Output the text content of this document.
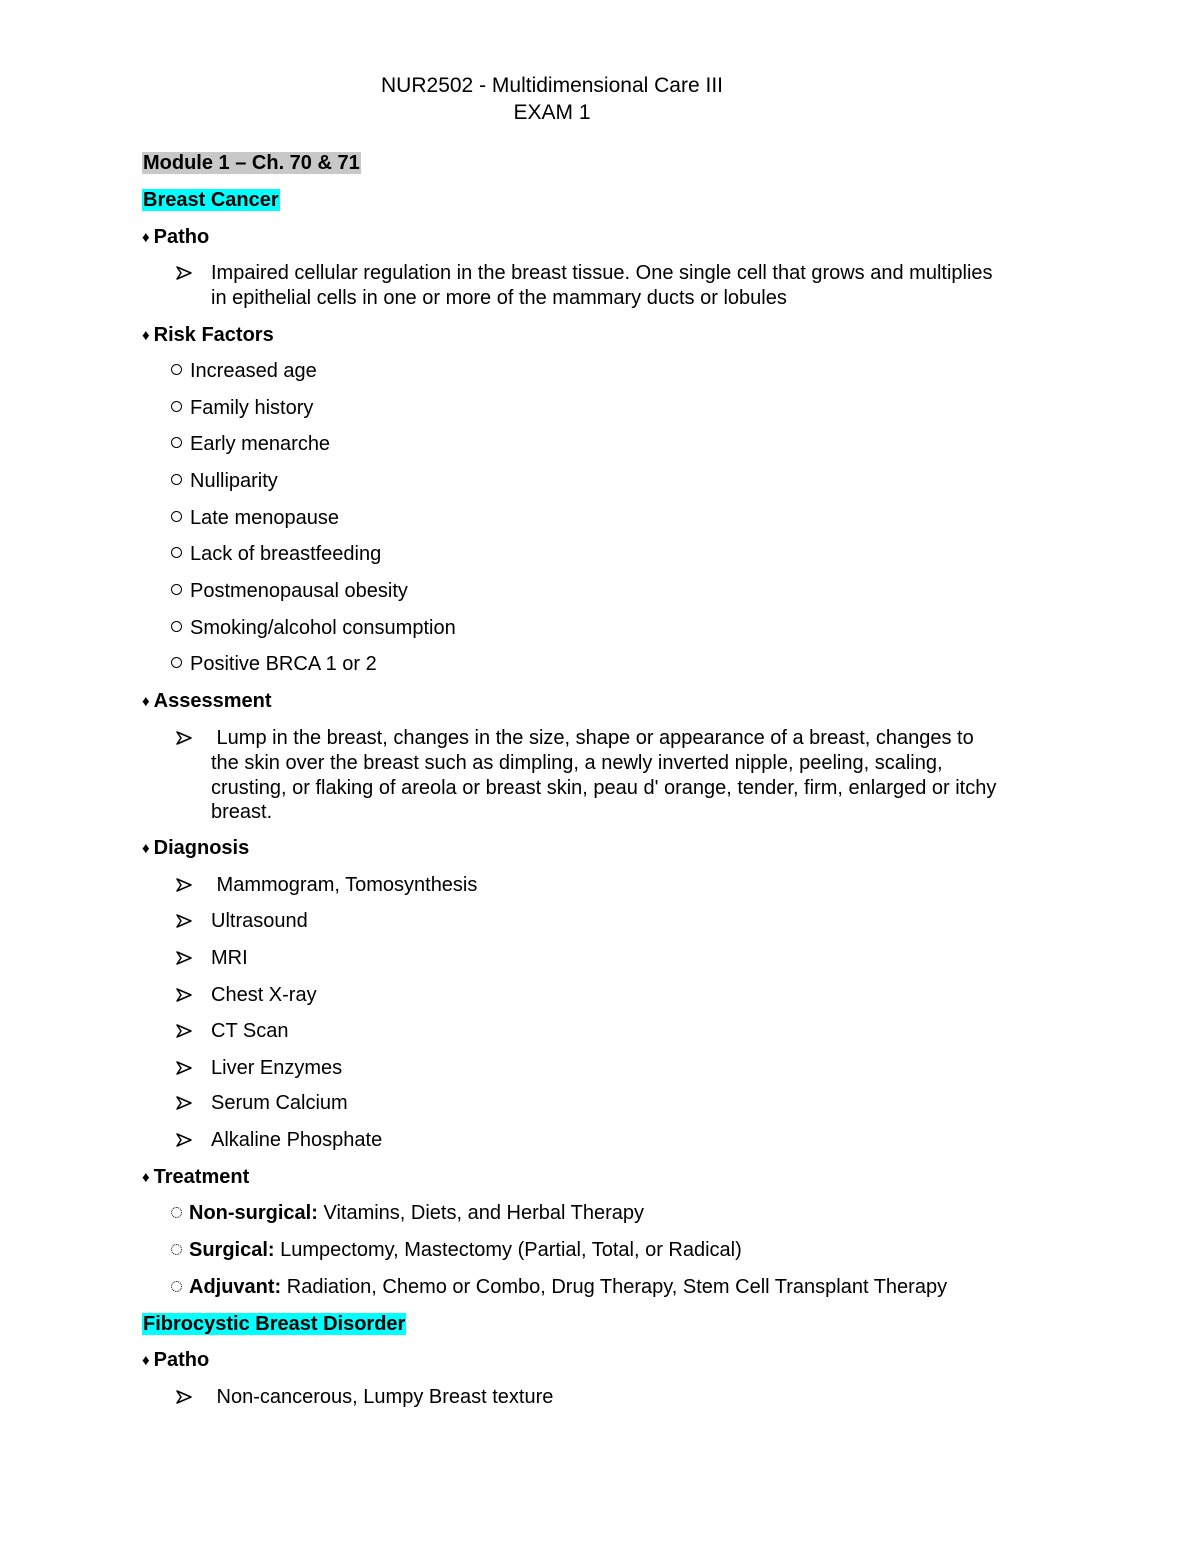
NUR2502 - Multidimensional Care III
EXAM 1
Module 1 – Ch. 70 & 71
Breast Cancer
♦ Patho
Impaired cellular regulation in the breast tissue. One single cell that grows and multiplies
in epithelial cells in one or more of the mammary ducts or lobules
♦ Risk Factors
Increased age
Family history
Early menarche
Nulliparity
Late menopause
Lack of breastfeeding
Postmenopausal obesity
Smoking/alcohol consumption
Positive BRCA 1 or 2
♦ Assessment
Lump in the breast, changes in the size, shape or appearance of a breast, changes to
the skin over the breast such as dimpling, a newly inverted nipple, peeling, scaling,
crusting, or flaking of areola or breast skin, peau d' orange, tender, firm, enlarged or itchy
breast.
♦ Diagnosis
Mammogram, Tomosynthesis
Ultrasound
MRI
Chest X-ray
CT Scan
Liver Enzymes
Serum Calcium
Alkaline Phosphate
♦ Treatment
Non-surgical: Vitamins, Diets, and Herbal Therapy
Surgical: Lumpectomy, Mastectomy (Partial, Total, or Radical)
Adjuvant: Radiation, Chemo or Combo, Drug Therapy, Stem Cell Transplant Therapy
Fibrocystic Breast Disorder
♦ Patho
Non-cancerous, Lumpy Breast texture
